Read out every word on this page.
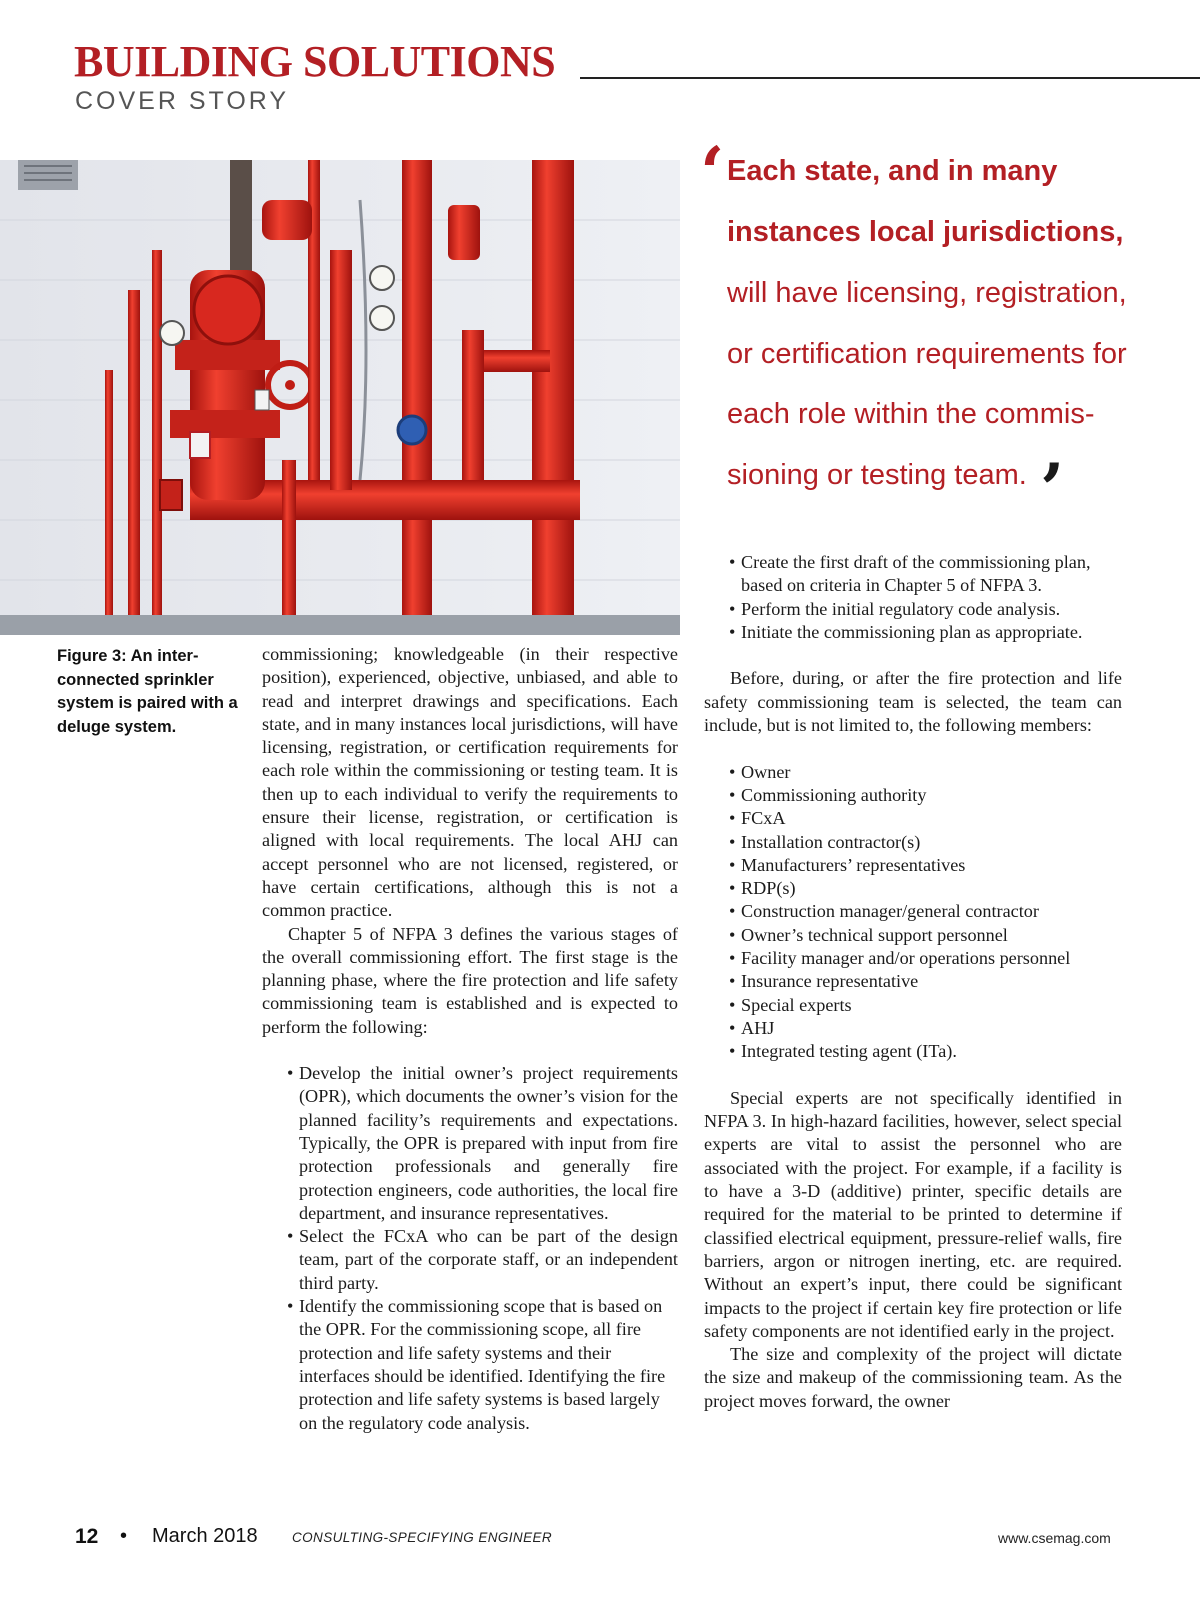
BUILDING SOLUTIONS
COVER STORY
Figure 3: An inter-connected sprinkler system is paired with a deluge system.
‘ Each state, and in many
instances local jurisdictions,
will have licensing, registration,
or certification requirements for
each role within the commis-
sioning or testing team. ’

commissioning; knowledgeable (in their respective position), experienced, objective, unbiased, and able to read and interpret drawings and specifications. Each state, and in many instances local jurisdictions, will have licensing, registration, or certification requirements for each role within the commissioning or testing team. It is then up to each individual to verify the requirements to ensure their license, registration, or certification is aligned with local requirements. The local AHJ can accept personnel who are not licensed, registered, or have certain certifications, although this is not a common practice.

Chapter 5 of NFPA 3 defines the various stages of the overall commissioning effort. The first stage is the planning phase, where the fire protection and life safety commissioning team is established and is expected to perform the following:

• Develop the initial owner’s project requirements (OPR), which documents the owner’s vision for the planned facility’s requirements and expectations. Typically, the OPR is prepared with input from fire protection professionals and generally fire protection engineers, code authorities, the local fire department, and insurance representatives.
• Select the FCxA who can be part of the design team, part of the corporate staff, or an independent third party.
• Identify the commissioning scope that is based on the OPR. For the commissioning scope, all fire protection and life safety systems and their interfaces should be identified. Identifying the fire protection and life safety systems is based largely on the regulatory code analysis.
• Create the first draft of the commissioning plan, based on criteria in Chapter 5 of NFPA 3.
• Perform the initial regulatory code analysis.
• Initiate the commissioning plan as appropriate.

Before, during, or after the fire protection and life safety commissioning team is selected, the team can include, but is not limited to, the following members:

• Owner
• Commissioning authority
• FCxA
• Installation contractor(s)
• Manufacturers’ representatives
• RDP(s)
• Construction manager/general contractor
• Owner’s technical support personnel
• Facility manager and/or operations personnel
• Insurance representative
• Special experts
• AHJ
• Integrated testing agent (ITa).

Special experts are not specifically identified in NFPA 3. In high-hazard facilities, however, select special experts are vital to assist the personnel who are associated with the project. For example, if a facility is to have a 3-D (additive) printer, specific details are required for the material to be printed to determine if classified electrical equipment, pressure-relief walls, fire barriers, argon or nitrogen inerting, etc. are required. Without an expert’s input, there could be significant impacts to the project if certain key fire protection or life safety components are not identified early in the project.

The size and complexity of the project will dictate the size and makeup of the commissioning team. As the project moves forward, the owner

12 • March 2018	CONSULTING-SPECIFYING ENGINEER	www.csemag.com
